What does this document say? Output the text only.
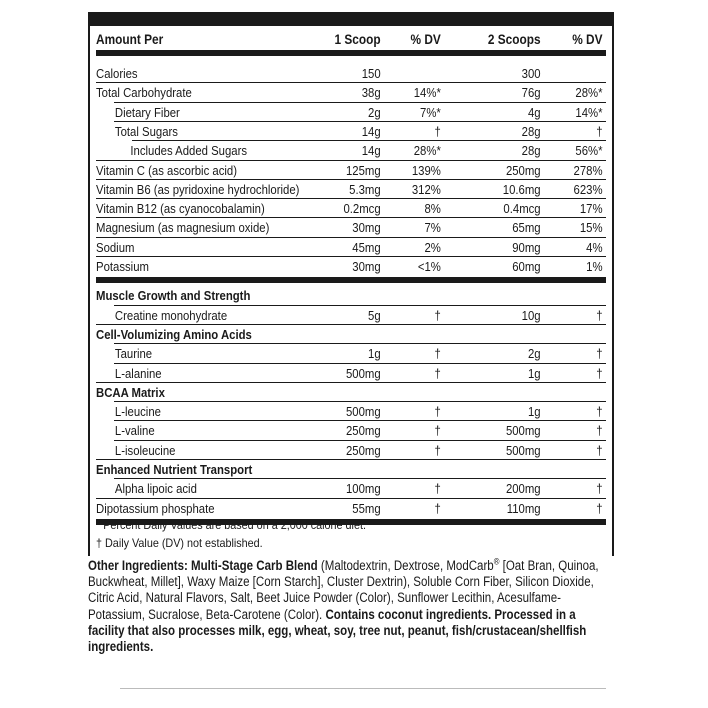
Amount Per	1 Scoop % DV	2 Scoops % DV
Calories	150	300
Total Carbohydrate	38g	14%*	76g	28%*
Dietary Fiber	2g	7%*	4g	14%*
Total Sugars	14g	†	28g	†
Includes Added Sugars	14g	28%*	28g	56%*
Vitamin C (as ascorbic acid)	125mg 139%	250mg 278%
Vitamin B6 (as pyridoxine hydrochloride)	5.3mg 312%	10.6mg 623%
Vitamin B12 (as cyanocobalamin)	0.2mcg	8%	0.4mcg	17%
Magnesium (as magnesium oxide)	30mg	7%	65mg	15%
Sodium	45mg	2%	90mg	4%
Potassium	30mg	<1%	60mg	1%
Muscle Growth and Strength
Creatine monohydrate	5g	†	10g	†
Cell-Volumizing Amino Acids
Taurine	1g	†	2g	†
L-alanine	500mg	†	1g	†
BCAA Matrix
L-leucine	500mg	†	1g	†
L-valine	250mg	†	500mg	†
L-isoleucine	250mg	†	500mg	†
Enhanced Nutrient Transport
Alpha lipoic acid	100mg	†	200mg	†
Dipotassium phosphate	55mg	†	110mg	†
* Percent Daily Values are based on a 2,000 calorie diet.
† Daily Value (DV) not established.
Other Ingredients: Multi-Stage Carb Blend (Maltodextrin, Dextrose, ModCarb® [Oat Bran, Quinoa, Buckwheat, Millet], Waxy Maize [Corn Starch], Cluster Dextrin), Soluble Corn Fiber, Silicon Dioxide, Citric Acid, Natural Flavors, Salt, Beet Juice Powder (Color), Sunflower Lecithin, Acesulfame-Potassium, Sucralose, Beta-Carotene (Color). Contains coconut ingredients. Processed in a facility that also processes milk, egg, wheat, soy, tree nut, peanut, fish/crustacean/shellfish ingredients.
